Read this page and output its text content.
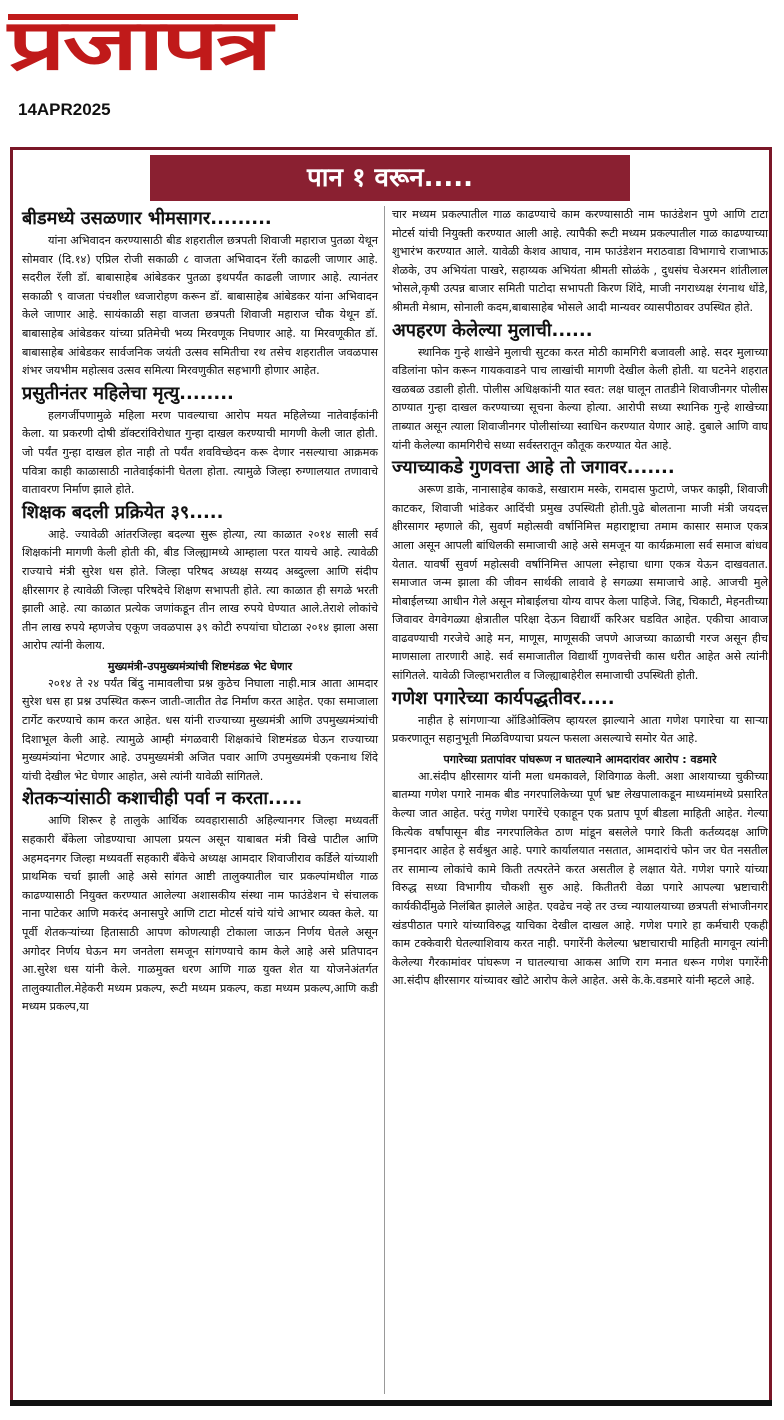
प्रजापत्र
14APR2025
पान १ वरून.....
बीडमध्ये उसळणार भीमसागर.........

यांना अभिवादन करण्यासाठी बीड शहरातील छत्रपती शिवाजी महाराज पुतळा येथून सोमवार (दि.१४) एप्रिल रोजी सकाळी ८ वाजता अभिवादन रॅली काढली जाणार आहे. सदरील रॅली डॉ. बाबासाहेब आंबेडकर पुतळा इथपर्यंत काढली जाणार आहे. त्यानंतर सकाळी ९ वाजता पंचशील ध्वजारोहण करून डॉ. बाबासाहेब आंबेडकर यांना अभिवादन केले जाणार आहे. सायंकाळी सहा वाजता छत्रपती शिवाजी महाराज चौक येथून डॉ. बाबासाहेब आंबेडकर यांच्या प्रतिमेची भव्य मिरवणूक निघणार आहे. या मिरवणूकीत डॉ. बाबासाहेब आंबेडकर सार्वजनिक जयंती उत्सव समितीचा रथ तसेच शहरातील जवळपास शंभर जयभीम महोत्सव उत्सव समित्या मिरवणुकीत सहभागी होणार आहेत.

प्रसुतीनंतर महिलेचा मृत्यु........

हलगर्जीपणामुळे महिला मरण पावल्याचा आरोप मयत महिलेच्या नातेवाईकांनी केला. या प्रकरणी दोषी डॉक्टरांविरोधात गुन्हा दाखल करण्याची मागणी केली जात होती. जो पर्यंत गुन्हा दाखल होत नाही तो पर्यंत शवविच्छेदन करू देणार नसल्याचा आक्रमक पवित्रा काही काळासाठी नातेवाईकांनी घेतला होता. त्यामुळे जिल्हा रुग्णालयात तणावाचे वातावरण निर्माण झाले होते.

शिक्षक बदली प्रक्रियेत ३९.....

आहे. ज्यावेळी आंतरजिल्हा बदल्या सुरू होत्या, त्या काळात २०१४ साली सर्व शिक्षकांनी मागणी केली होती की, बीड जिल्ह्यामध्ये आम्हाला परत यायचे आहे. त्यावेळी राज्याचे मंत्री सुरेश धस होते. जिल्हा परिषद अध्यक्ष सय्यद अब्दुल्ला आणि संदीप क्षीरसागर हे त्यावेळी जिल्हा परिषदेचे शिक्षण सभापती होते. त्या काळात ही सगळे भरती झाली आहे. त्या काळात प्रत्येक जणांकडून तीन लाख रुपये घेण्यात आले.तेराशे लोकांचे तीन लाख रुपये म्हणजेच एकूण जवळपास ३९ कोटी रुपयांचा घोटाळा २०१४ झाला असा आरोप त्यांनी केलाय.

मुख्यमंत्री-उपमुख्यमंत्र्यांची शिष्टमंडळ भेट घेणार

२०१४ ते २४ पर्यंत बिंदु नामावलीचा प्रश्न कुठेच निघाला नाही.मात्र आता आमदार सुरेश धस हा प्रश्न उपस्थित करून जाती-जातीत तेढ निर्माण करत आहेत. एका समाजाला टार्गेट करण्याचे काम करत आहेत. धस यांनी राज्याच्या मुख्यमंत्री आणि उपमुख्यमंत्र्यांची दिशाभूल केली आहे. त्यामुळे आम्ही मंगळवारी शिक्षकांचे शिष्टमंडळ घेऊन राज्याच्या मुख्यमंत्र्यांना भेटणार आहे. उपमुख्यमंत्री अजित पवार आणि उपमुख्यमंत्री एकनाथ शिंदे यांची देखील भेट घेणार आहोत, असे त्यांनी यावेळी सांगितले.

शेतकऱ्यांसाठी कशाचीही पर्वा न करता.....

आणि शिरूर हे तालुके आर्थिक व्यवहारासाठी अहिल्यानगर जिल्हा मध्यवर्ती सहकारी बँकेला जोडण्याचा आपला प्रयत्न असून याबाबत मंत्री विखे पाटील आणि अहमदनगर जिल्हा मध्यवर्ती सहकारी बँकेचे अध्यक्ष आमदार शिवाजीराव कर्डिले यांच्याशी प्राथमिक चर्चा झाली आहे असे सांगत आष्टी तालुक्यातील चार प्रकल्पांमधील गाळ काढण्यासाठी नियुक्त करण्यात आलेल्या अशासकीय संस्था नाम फाउंडेशन चे संचालक नाना पाटेकर आणि मकरंद अनासपुरे आणि टाटा मोटर्स यांचे यांचे आभार व्यक्त केले. या पूर्वी शेतकऱ्यांच्या हितासाठी आपण कोणत्याही टोकाला जाऊन निर्णय घेतले असून अगोदर निर्णय घेऊन मग जनतेला समजून सांगण्याचे काम केले आहे असे प्रतिपादन आ.सुरेश धस यांनी केले. गाळमुक्त धरण आणि गाळ युक्त शेत या योजनेअंतर्गत तालुक्यातील.मेहेकरी मध्यम प्रकल्प, रूटी मध्यम प्रकल्प, कडा मध्यम प्रकल्प,आणि कडी मध्यम प्रकल्प,या

चार मध्यम प्रकल्पातील गाळ काढण्याचे काम करण्यासाठी नाम फाउंडेशन पुणे आणि टाटा मोटर्स यांची नियुक्ती करण्यात आली आहे. त्यापैकी रूटी मध्यम प्रकल्पातील गाळ काढण्याच्या शुभारंभ करण्यात आले. यावेळी केशव आघाव, नाम फाउंडेशन मराठवाडा विभागाचे राजाभाऊ शेळके, उप अभियंता पाखरे, सहाय्यक अभियंता श्रीमती सोळंके , दुधसंघ चेअरमन शांतीलाल भोसले,कृषी उत्पन्न बाजार समिती पाटोदा सभापती किरण शिंदे, माजी नगराध्यक्ष रंगनाथ धोंडे, श्रीमती मेश्राम, सोनाली कदम,बाबासाहेब भोसले आदी मान्यवर व्यासपीठावर उपस्थित होते.

अपहरण केलेल्या मुलाची......

स्थानिक गुन्हे शाखेने मुलाची सुटका करत मोठी कामगिरी बजावली आहे. सदर मुलाच्या वडिलांना फोन करून गायकवाडने पाच लाखांची मागणी देखील केली होती. या घटनेने शहरात खळबळ उडाली होती. पोलीस अधिक्षकांनी यात स्वत: लक्ष घालून तातडीने शिवाजीनगर पोलीस ठाण्यात गुन्हा दाखल करण्याच्या सूचना केल्या होत्या. आरोपी सध्या स्थानिक गुन्हे शाखेच्या ताब्यात असून त्याला शिवाजीनगर पोलीसांच्या स्वाधिन करण्यात येणार आहे. दुबाले आणि वाघ यांनी केलेल्या कामगिरीचे सध्या सर्वस्तरातून कौतूक करण्यात येत आहे.

ज्याच्याकडे गुणवत्ता आहे तो जगावर.......

अरूण डाके, नानासाहेब काकडे, सखाराम मस्के, रामदास फुटाणे, जफर काझी, शिवाजी काटकर, शिवाजी भांडेकर आदिंची प्रमुख उपस्थिती होती.पुढे बोलताना माजी मंत्री जयदत्त क्षीरसागर म्हणाले की, सुवर्ण महोत्सवी वर्षानिमित्त महाराष्ट्राचा तमाम कासार समाज एकत्र आला असून आपली बांधिलकी समाजाची आहे असे समजून या कार्यक्रमाला सर्व समाज बांधव येतात. यावर्षी सुवर्ण महोत्सवी वर्षानिमित्त आपला स्नेहाचा धागा एकत्र येऊन दाखवतात. समाजात जन्म झाला की जीवन सार्थकी लावावे हे सगळ्या समाजाचे आहे. आजची मुले मोबाईलच्या आधीन गेले असून मोबाईलचा योग्य वापर केला पाहिजे. जिद्द, चिकाटी, मेहनतीच्या जिवावर वेगवेगळ्या क्षेत्रातील परिक्षा देऊन विद्यार्थी करिअर घडवित आहेत. एकीचा आवाज वाढवण्याची गरजेचे आहे मन, माणूस, माणूसकी जपणे आजच्या काळाची गरज असून हीच माणसाला तारणारी आहे. सर्व समाजातील विद्यार्थी गुणवत्तेची कास धरीत आहेत असे त्यांनी सांगितले. यावेळी जिल्हाभरातील व जिल्ह्याबाहेरील समाजाची उपस्थिती होती.

गणेश पगारेच्या कार्यपद्धतीवर.....

नाहीत हे सांगणाऱ्या ऑडिओक्लिप व्हायरल झाल्याने आता गणेश पगारेचा या साऱ्या प्रकरणातून सहानुभूती मिळविण्याचा प्रयत्न फसला असल्याचे समोर येत आहे.

पगारेच्या प्रतापांवर पांघरूण न घातल्याने आमदारांवर आरोप : वडमारे

आ.संदीप क्षीरसागर यांनी मला धमकावले, शिविगाळ केली. अशा आशयाच्या चुकीच्या बातम्या गणेश पगारे नामक बीड नगरपालिकेच्या पूर्ण भ्रष्ट लेखपालाकडून माध्यमांमध्ये प्रसारित केल्या जात आहेत. परंतु गणेश पगारेंचे एकाहून एक प्रताप पूर्ण बीडला माहिती आहेत. गेल्या कित्येक वर्षांपासून बीड नगरपालिकेत ठाण मांडून बसलेले पगारे किती कर्तव्यदक्ष आणि इमानदार आहेत हे सर्वश्रुत आहे. पगारे कार्यालयात नसतात, आमदारांचे फोन जर घेत नसतील तर सामान्य लोकांचे कामे किती तत्परतेने करत असतील हे लक्षात येते. गणेश पगारे यांच्या विरुद्ध सध्या विभागीय चौकशी सुरु आहे. कितीतरी वेळा पगारे आपल्या भ्रष्टाचारी कार्यकीर्दीमुळे निलंबित झालेले आहेत. एवढेच नव्हे तर उच्च न्यायालयाच्या छत्रपती संभाजीनगर खंडपीठात पगारे यांच्याविरुद्ध याचिका देखील दाखल आहे. गणेश पगारे हा कर्मचारी एकही काम टक्केवारी घेतल्याशिवाय करत नाही. पगारेंनी केलेल्या भ्रष्टाचाराची माहिती मागवून त्यांनी केलेल्या गैरकामांवर पांघरूण न घातल्याचा आकस आणि राग मनात धरून गणेश पगारेंनी आ.संदीप क्षीरसागर यांच्यावर खोटे आरोप केले आहेत. असे के.के.वडमारे यांनी म्हटले आहे.
